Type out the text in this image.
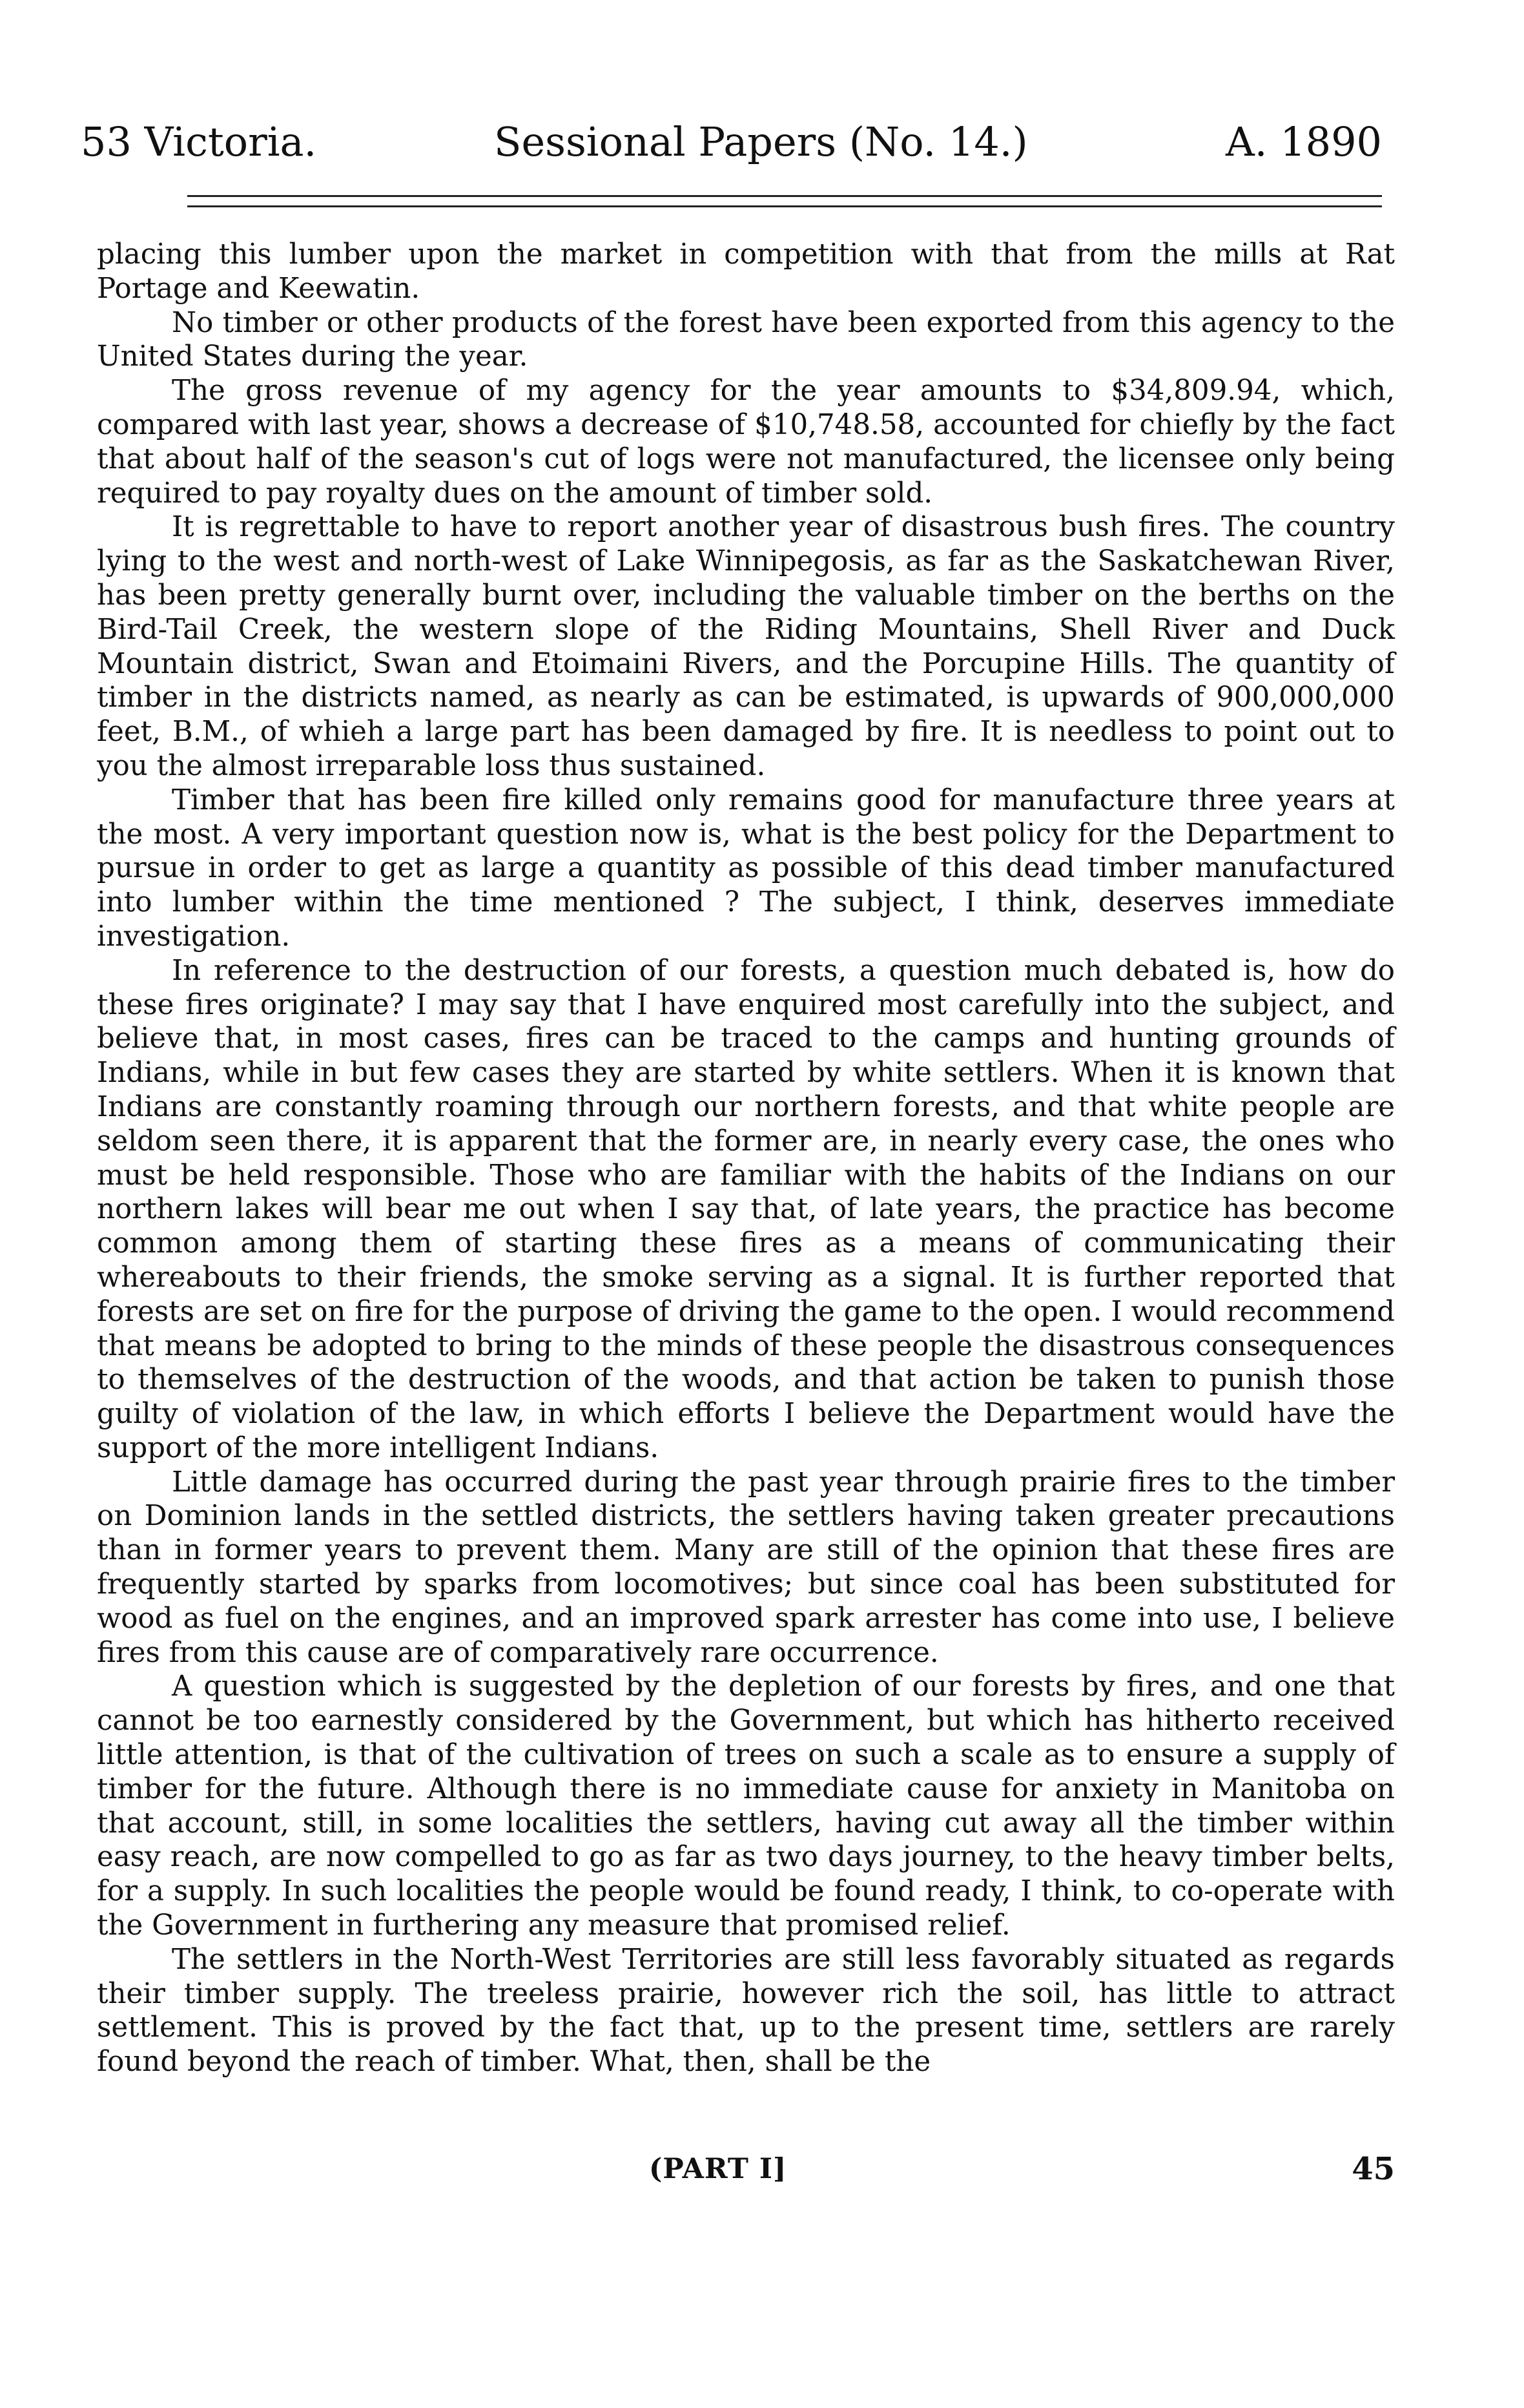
53 Victoria.	Sessional Papers (No. 14.)	A. 1890

placing this lumber upon the market in competition with that from the mills at Rat Portage and Keewatin.

No timber or other products of the forest have been exported from this agency to the United States during the year.

The gross revenue of my agency for the year amounts to $34,809.94, which, compared with last year, shows a decrease of $10,748.58, accounted for chiefly by the fact that about half of the season's cut of logs were not manufactured, the licensee only being required to pay royalty dues on the amount of timber sold.

It is regrettable to have to report another year of disastrous bush fires. The country lying to the west and north-west of Lake Winnipegosis, as far as the Saskatchewan River, has been pretty generally burnt over, including the valuable timber on the berths on the Bird-Tail Creek, the western slope of the Riding Mountains, Shell River and Duck Mountain district, Swan and Etoimaini Rivers, and the Porcupine Hills. The quantity of timber in the districts named, as nearly as can be estimated, is upwards of 900,000,000 feet, B.M., of whieh a large part has been damaged by fire. It is needless to point out to you the almost irreparable loss thus sustained.

Timber that has been fire killed only remains good for manufacture three years at the most. A very important question now is, what is the best policy for the Department to pursue in order to get as large a quantity as possible of this dead timber manufactured into lumber within the time mentioned ? The subject, I think, deserves immediate investigation.

In reference to the destruction of our forests, a question much debated is, how do these fires originate? I may say that I have enquired most carefully into the subject, and believe that, in most cases, fires can be traced to the camps and hunting grounds of Indians, while in but few cases they are started by white settlers. When it is known that Indians are constantly roaming through our northern forests, and that white people are seldom seen there, it is apparent that the former are, in nearly every case, the ones who must be held responsible. Those who are familiar with the habits of the Indians on our northern lakes will bear me out when I say that, of late years, the practice has become common among them of starting these fires as a means of communicating their whereabouts to their friends, the smoke serving as a signal. It is further reported that forests are set on fire for the purpose of driving the game to the open. I would recommend that means be adopted to bring to the minds of these people the disastrous consequences to themselves of the destruction of the woods, and that action be taken to punish those guilty of violation of the law, in which efforts I believe the Department would have the support of the more intelligent Indians.

Little damage has occurred during the past year through prairie fires to the timber on Dominion lands in the settled districts, the settlers having taken greater precautions than in former years to prevent them. Many are still of the opinion that these fires are frequently started by sparks from locomotives; but since coal has been substituted for wood as fuel on the engines, and an improved spark arrester has come into use, I believe fires from this cause are of comparatively rare occurrence.

A question which is suggested by the depletion of our forests by fires, and one that cannot be too earnestly considered by the Government, but which has hitherto received little attention, is that of the cultivation of trees on such a scale as to ensure a supply of timber for the future. Although there is no immediate cause for anxiety in Manitoba on that account, still, in some localities the settlers, having cut away all the timber within easy reach, are now compelled to go as far as two days journey, to the heavy timber belts, for a supply. In such localities the people would be found ready, I think, to co-operate with the Government in furthering any measure that promised relief.

The settlers in the North-West Territories are still less favorably situated as regards their timber supply. The treeless prairie, however rich the soil, has little to attract settlement. This is proved by the fact that, up to the present time, settlers are rarely found beyond the reach of timber. What, then, shall be the

(PART I]	45
